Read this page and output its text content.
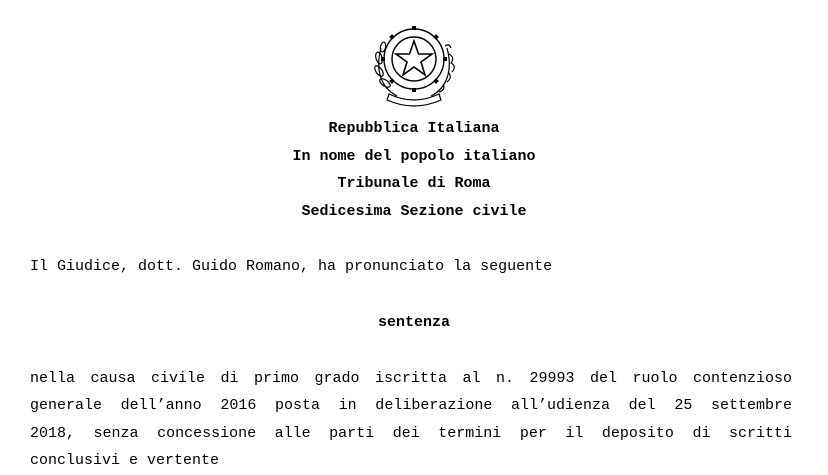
Repubblica Italiana
In nome del popolo italiano
Tribunale di Roma
Sedicesima Sezione civile
Il Giudice, dott. Guido Romano, ha pronunciato la seguente
sentenza
nella causa civile di primo grado iscritta al n. 29993 del ruolo contenzioso
generale dell’anno 2016 posta in deliberazione all’udienza del 25 settembre
2018, senza concessione alle parti dei termini per il deposito di scritti
conclusivi e vertente
